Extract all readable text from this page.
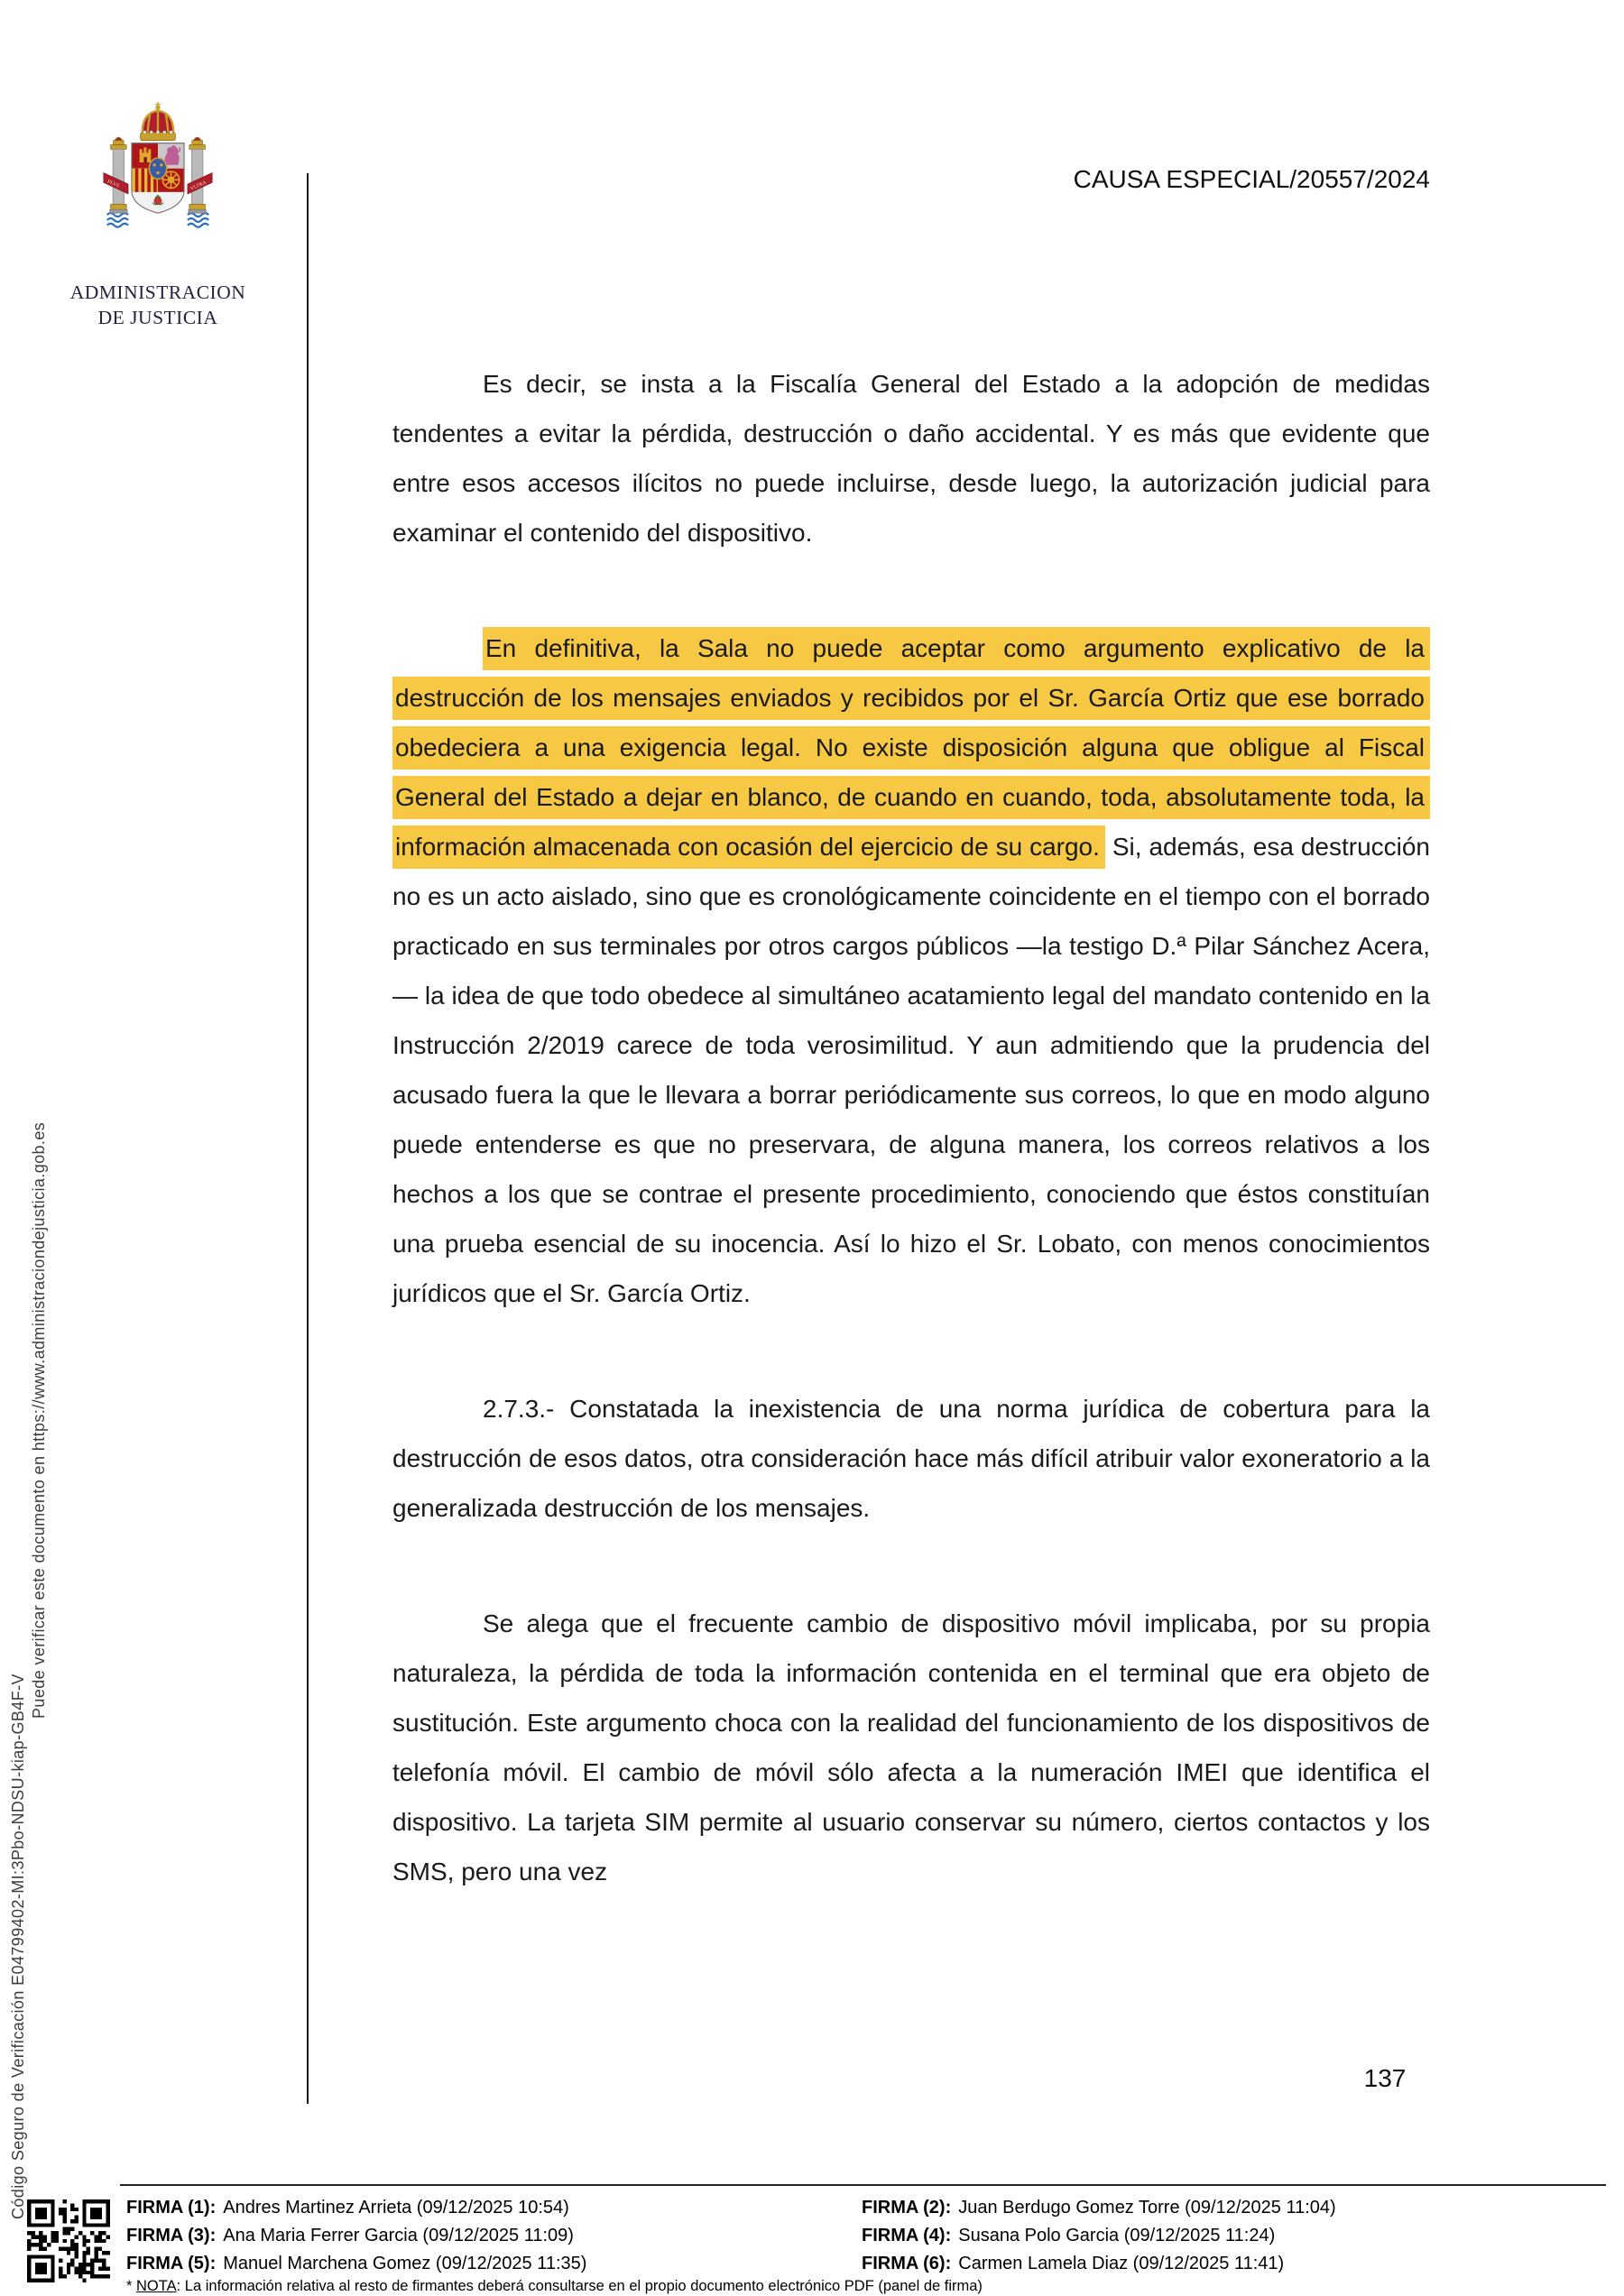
PLVS	VLTRA
ADMINISTRACION
DE JUSTICIA
CAUSA ESPECIAL/20557/2024
Código Seguro de Verificación E04799402-MI:3Pbo-NDSU-kiap-GB4F-V
Puede verificar este documento en https://www.administraciondejusticia.gob.es

Es decir, se insta a la Fiscalía General del Estado a la adopción de medidas tendentes a evitar la pérdida, destrucción o daño accidental. Y es más que evidente que entre esos accesos ilícitos no puede incluirse, desde luego, la autorización judicial para examinar el contenido del dispositivo.

En definitiva, la Sala no puede aceptar como argumento explicativo de la destrucción de los mensajes enviados y recibidos por el Sr. García Ortiz que ese borrado obedeciera a una exigencia legal. No existe disposición alguna que obligue al Fiscal General del Estado a dejar en blanco, de cuando en cuando, toda, absolutamente toda, la información almacenada con ocasión del ejercicio de su cargo. Si, además, esa destrucción no es un acto aislado, sino que es cronológicamente coincidente en el tiempo con el borrado practicado en sus terminales por otros cargos públicos —la testigo D.ª Pilar Sánchez Acera, — la idea de que todo obedece al simultáneo acatamiento legal del mandato contenido en la Instrucción 2/2019 carece de toda verosimilitud. Y aun admitiendo que la prudencia del acusado fuera la que le llevara a borrar periódicamente sus correos, lo que en modo alguno puede entenderse es que no preservara, de alguna manera, los correos relativos a los hechos a los que se contrae el presente procedimiento, conociendo que éstos constituían una prueba esencial de su inocencia. Así lo hizo el Sr. Lobato, con menos conocimientos jurídicos que el Sr. García Ortiz.

2.7.3.- Constatada la inexistencia de una norma jurídica de cobertura para la destrucción de esos datos, otra consideración hace más difícil atribuir valor exoneratorio a la generalizada destrucción de los mensajes.

Se alega que el frecuente cambio de dispositivo móvil implicaba, por su propia naturaleza, la pérdida de toda la información contenida en el terminal que era objeto de sustitución. Este argumento choca con la realidad del funcionamiento de los dispositivos de telefonía móvil. El cambio de móvil sólo afecta a la numeración IMEI que identifica el dispositivo. La tarjeta SIM permite al usuario conservar su número, ciertos contactos y los SMS, pero una vez

137
FIRMA (1): Andres Martinez Arrieta (09/12/2025 10:54)
FIRMA (3): Ana Maria Ferrer Garcia (09/12/2025 11:09)
FIRMA (5): Manuel Marchena Gomez (09/12/2025 11:35)
FIRMA (2): Juan Berdugo Gomez Torre (09/12/2025 11:04)
FIRMA (4): Susana Polo Garcia (09/12/2025 11:24)
FIRMA (6): Carmen Lamela Diaz (09/12/2025 11:41)
* NOTA: La información relativa al resto de firmantes deberá consultarse en el propio documento electrónico PDF (panel de firma)
